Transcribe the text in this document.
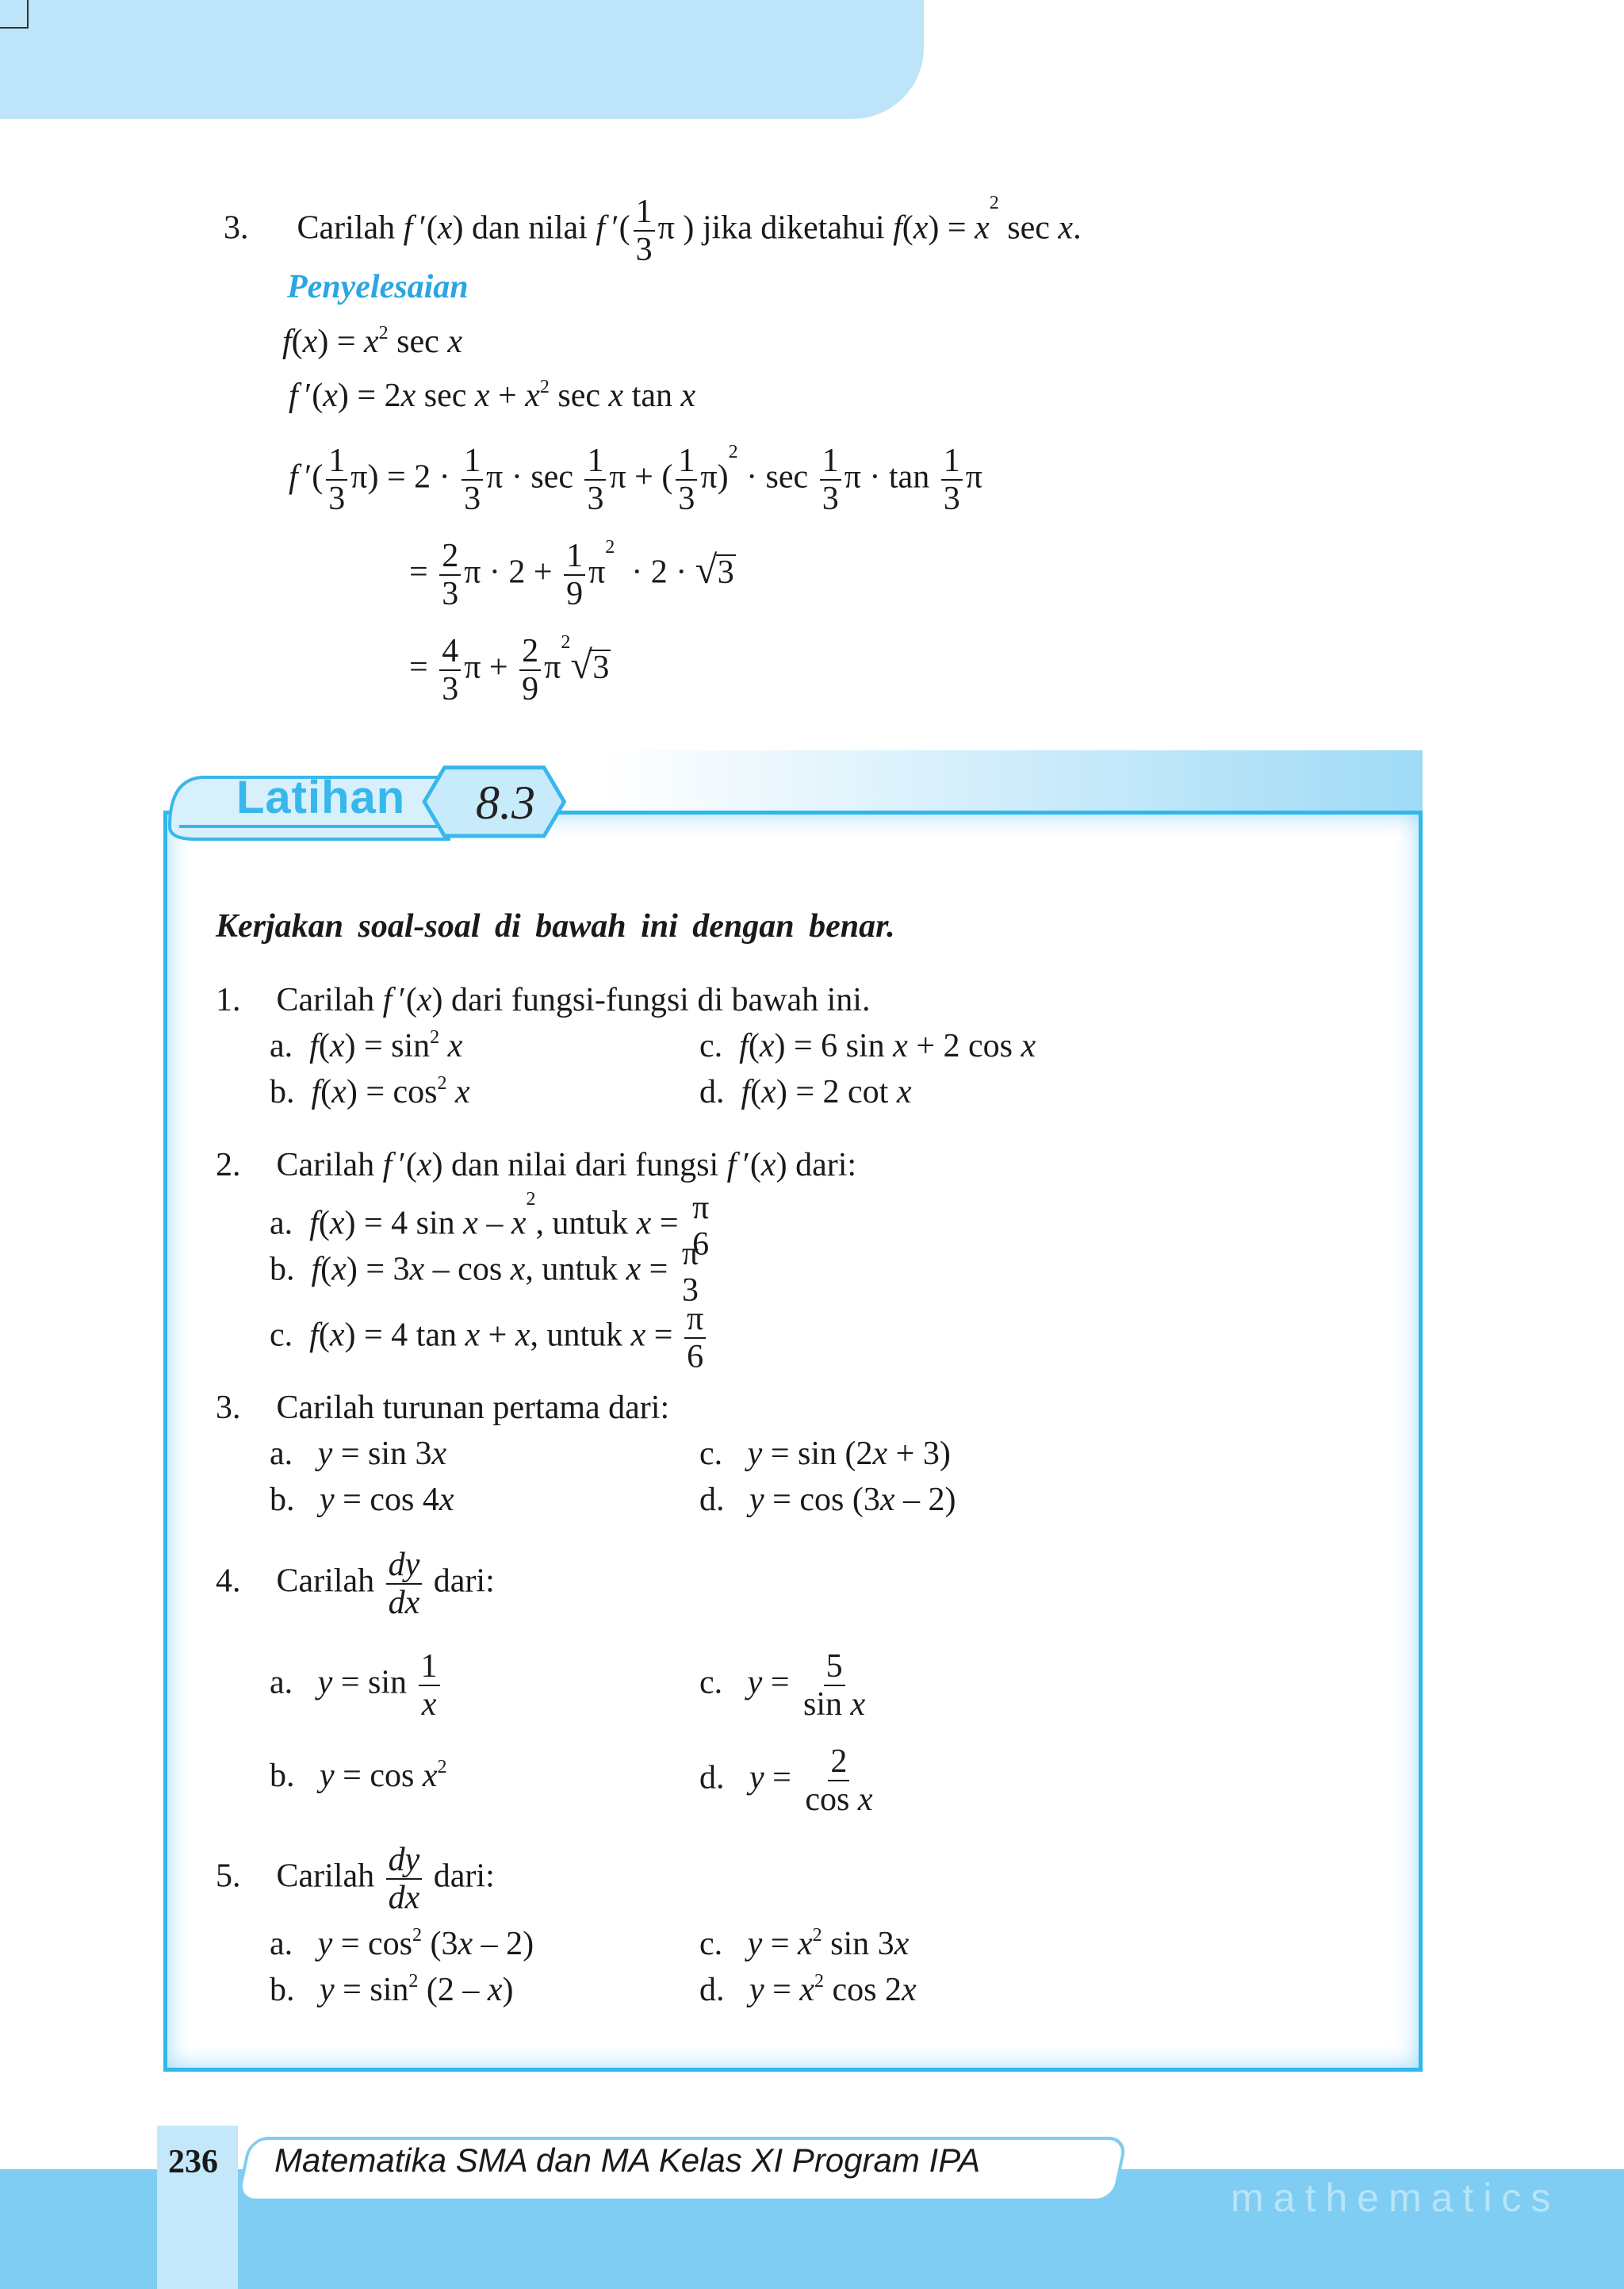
3. Carilah f ′(x) dan nilai f ′( $\frac{1}{3}$ π ) jika diketahui $f(x) = x^2$ sec x.
Penyelesaian
$f(x) = x^2$ sec x
f ′(x) = 2x $\sec x + x^2$ sec x tan x
f ′( $\frac{1}{3} \pi) = 2 \cdot \frac{1}{3}$ $\pi \cdot \sec \frac{1}{3}$ π + ( $\frac{1}{3} \pi)^2 \cdot \sec \frac{1}{3}$ $\pi \cdot \tan \frac{1}{3}$ π
= $\frac{2}{3}$ $\pi \cdot 2 + \frac{1}{9} \pi^2 \cdot 2$ · √ 3
= $\frac{4}{3}$ $\pi + \frac{2}{9} \pi^2$ √ 3
Latihan 8.3
Kerjakan soal-soal di bawah ini dengan benar.
1. Carilah f ′(x) dari fungsi-fungsi di bawah ini.
a.  $f(x) = \sin^2 x$	c.  f(x) = 6 sin x + 2 cos x
b.  $f(x) = \cos^2 x$	d.  f(x) = 2 cot x
2. Carilah f ′(x) dan nilai dari fungsi f ′(x) dari:
a.  f(x) = 4 sin x – $x^2$, untuk x = π
6
b.  f(x) = 3x – cos x, untuk x = π
3
c.  f(x) = 4 tan x + x, untuk $x = \frac{\pi}{6}$
3. Carilah turunan pertama dari:
a.   y = sin 3x	c.   y = sin (2x + 3)
b.   y = cos 4x	d.   y = cos (3x – 2)
4. Carilah $\frac{dy}{dx}$ dari:
a.   $y = \sin \frac{1}{x}$	c.   $y = \frac{5}{\text{sin x}}$
b.   $y = \cos x^2$	d.   $y = \frac{2}{\text{cos x}}$
5. Carilah $\frac{dy}{dx}$ dari:
a.   $y = \cos^2 (3x - 2)$	c.   $y = x^2$ sin 3x
b.   $y = \sin^2 (2 - x)$	d.   $y = x^2$ cos 2x
236 Matematika SMA dan MA Kelas XI Program IPA
mathematics
